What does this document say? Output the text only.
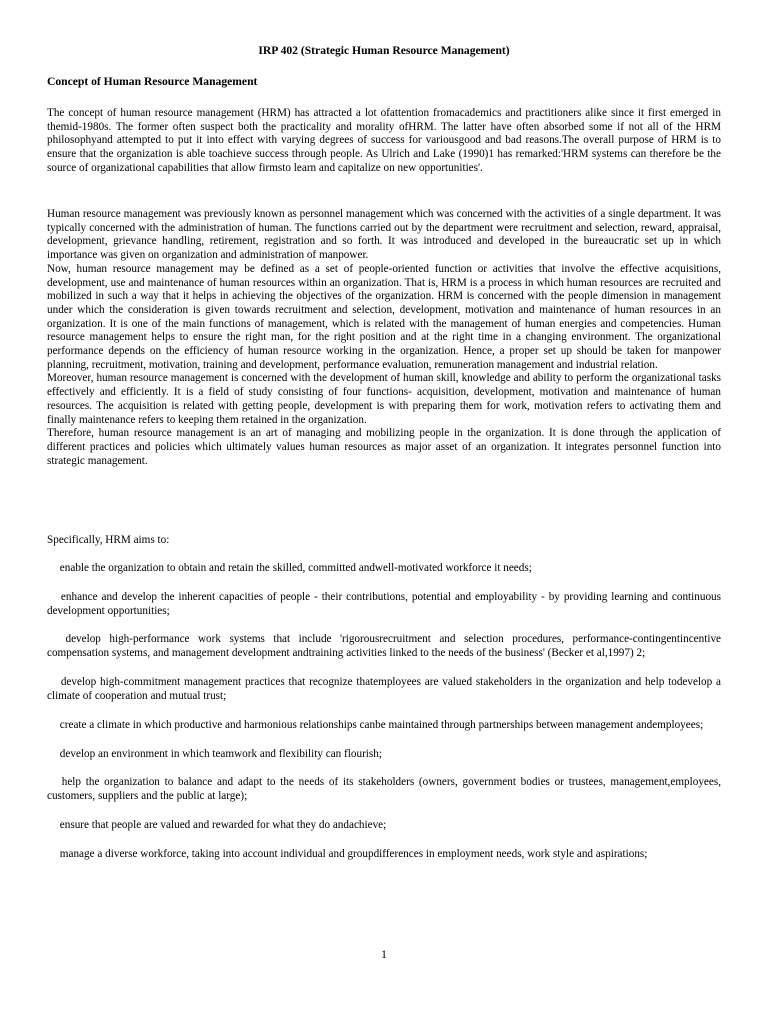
IRP 402 (Strategic Human Resource Management)
Concept of Human Resource Management
The concept of human resource management (HRM) has attracted a lot ofattention fromacademics and practitioners alike since it first emerged in themid-1980s. The former often suspect both the practicality and morality ofHRM. The latter have often absorbed some if not all of the HRM philosophyand attempted to put it into effect with varying degrees of success for variousgood and bad reasons.The overall purpose of HRM is to ensure that the organization is able toachieve success through people. As Ulrich and Lake (1990)1 has remarked:'HRM systems can therefore be the source of organizational capabilities that allow firmsto learn and capitalize on new opportunities'.

Human resource management was previously known as personnel management which was concerned with the activities of a single department. It was typically concerned with the administration of human. The functions carried out by the department were recruitment and selection, reward, appraisal, development, grievance handling, retirement, registration and so forth. It was introduced and developed in the bureaucratic set up in which importance was given on organization and administration of manpower.

Now, human resource management may be defined as a set of people-oriented function or activities that involve the effective acquisitions, development, use and maintenance of human resources within an organization. That is, HRM is a process in which human resources are recruited and mobilized in such a way that it helps in achieving the objectives of the organization. HRM is concerned with the people dimension in management under which the consideration is given towards recruitment and selection, development, motivation and maintenance of human resources in an organization. It is one of the main functions of management, which is related with the management of human energies and competencies. Human resource management helps to ensure the right man, for the right position and at the right time in a changing environment. The organizational performance depends on the efficiency of human resource working in the organization. Hence, a proper set up should be taken for manpower planning, recruitment, motivation, training and development, performance evaluation, remuneration management and industrial relation.

Moreover, human resource management is concerned with the development of human skill, knowledge and ability to perform the organizational tasks effectively and efficiently. It is a field of study consisting of four functions- acquisition, development, motivation and maintenance of human resources. The acquisition is related with getting people, development is with preparing them for work, motivation refers to activating them and finally maintenance refers to keeping them retained in the organization.

Therefore, human resource management is an art of managing and mobilizing people in the organization. It is done through the application of different practices and policies which ultimately values human resources as major asset of an organization. It integrates personnel function into strategic management.

Specifically, HRM aims to:

enable the organization to obtain and retain the skilled, committed andwell-motivated workforce it needs;

enhance and develop the inherent capacities of people - their contributions, potential and employability - by providing learning and continuous development opportunities;

develop high-performance work systems that include 'rigorousrecruitment and selection procedures, performance-contingentincentive compensation systems, and management development andtraining activities linked to the needs of the business' (Becker et al,1997) 2;

develop high-commitment management practices that recognize thatemployees are valued stakeholders in the organization and help todevelop a climate of cooperation and mutual trust;

create a climate in which productive and harmonious relationships canbe maintained through partnerships between management andemployees;

develop an environment in which teamwork and flexibility can flourish;

help the organization to balance and adapt to the needs of its stakeholders (owners, government bodies or trustees, management,employees, customers, suppliers and the public at large);

ensure that people are valued and rewarded for what they do andachieve;

manage a diverse workforce, taking into account individual and groupdifferences in employment needs, work style and aspirations;

1
